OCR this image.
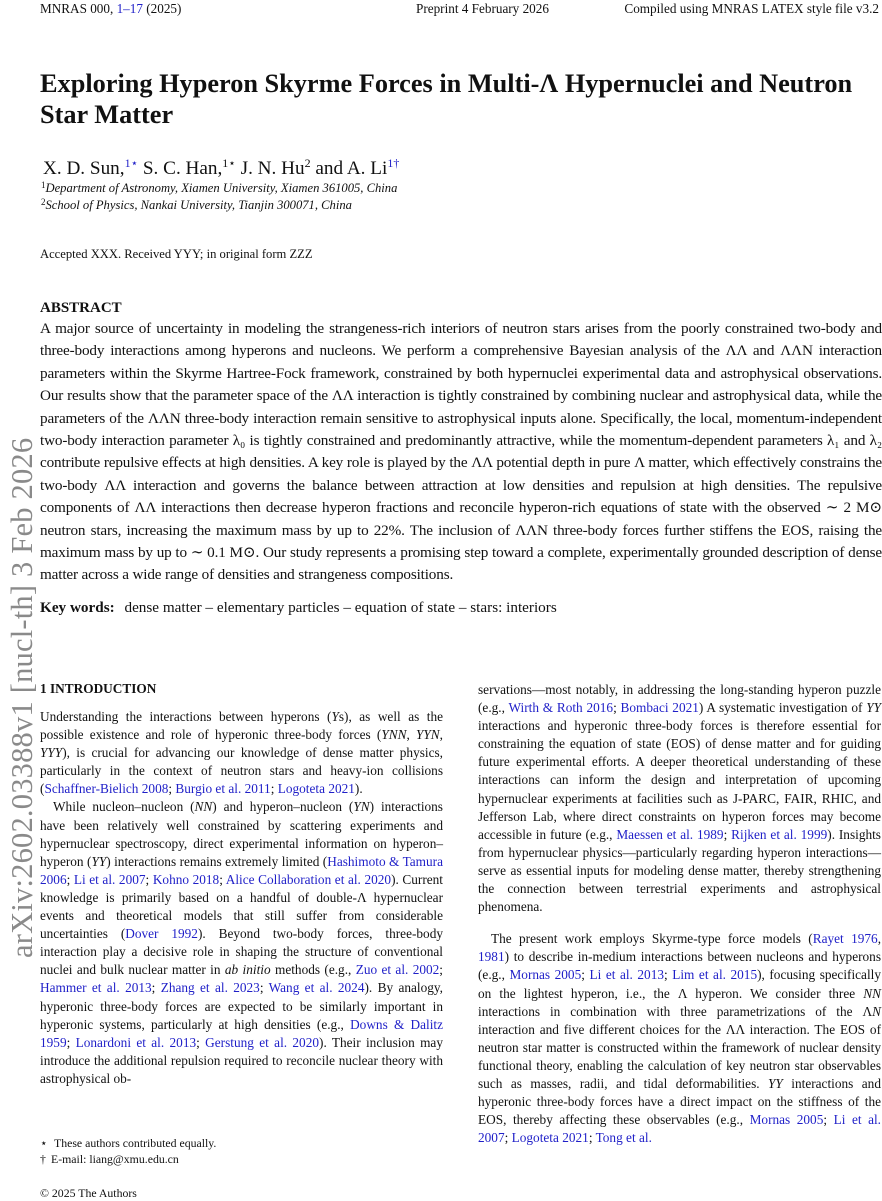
MNRAS 000, 1–17 (2025)	Preprint 4 February 2026	Compiled using MNRAS LATEX style file v3.2
arXiv:2602.03388v1 [nucl-th] 3 Feb 2026
Exploring Hyperon Skyrme Forces in Multi-Λ Hypernuclei and Neutron Star Matter
X. D. Sun,$^{1⋆}$ S. C. Han,$^{1⋆}$ J. N. Hu$^2$ and A. $Li^{1\dagger}$
$^1$Department of Astronomy, Xiamen University, Xiamen 361005, China
$^2$School of Physics, Nankai University, Tianjin 300071, China
Accepted XXX. Received YYY; in original form ZZZ
ABSTRACT
A major source of uncertainty in modeling the strangeness-rich interiors of neutron stars arises from the poorly constrained two-body and three-body interactions among hyperons and nucleons. We perform a comprehensive Bayesian analysis of the ΛΛ and ΛΛN interaction parameters within the Skyrme Hartree-Fock framework, constrained by both hypernuclei experimental data and astrophysical observations. Our results show that the parameter space of the ΛΛ interaction is tightly constrained by combining nuclear and astrophysical data, while the parameters of the ΛΛN three-body interaction remain sensitive to astrophysical inputs alone. Specifically, the local, momentum-independent two-body interaction parameter λ₀ is tightly constrained and predominantly attractive, while the momentum-dependent parameters λ₁ and λ₂ contribute repulsive effects at high densities. A key role is played by the ΛΛ potential depth in pure Λ matter, which effectively constrains the two-body ΛΛ interaction and governs the balance between attraction at low densities and repulsion at high densities. The repulsive components of ΛΛ interactions then decrease hyperon fractions and reconcile hyperon-rich equations of state with the observed ∼ 2 M⊙ neutron stars, increasing the maximum mass by up to 22%. The inclusion of ΛΛN three-body forces further stiffens the EOS, raising the maximum mass by up to ∼ 0.1 M⊙. Our study represents a promising step toward a complete, experimentally grounded description of dense matter across a wide range of densities and strangeness compositions.
Key words: dense matter – elementary particles – equation of state – stars: interiors
1 INTRODUCTION

Understanding the interactions between hyperons (Ys), as well as the possible existence and role of hyperonic three-body forces (YNN, YYN, YYY), is crucial for advancing our knowledge of dense matter physics, particularly in the context of neutron stars and heavy-ion collisions (Schaffner-Bielich 2008; Burgio et al. 2011; Logoteta 2021).

While nucleon–nucleon (NN) and hyperon–nucleon (YN) interactions have been relatively well constrained by scattering experiments and hypernuclear spectroscopy, direct experimental information on hyperon–hyperon (YY) interactions remains extremely limited (Hashimoto & Tamura 2006; Li et al. 2007; Kohno 2018; Alice Collaboration et al. 2020). Current knowledge is primarily based on a handful of double-Λ hypernuclear events and theoretical models that still suffer from considerable uncertainties (Dover 1992). Beyond two-body forces, three-body interaction play a decisive role in shaping the structure of conventional nuclei and bulk nuclear matter in ab initio methods (e.g., Zuo et al. 2002; Hammer et al. 2013; Zhang et al. 2023; Wang et al. 2024). By analogy, hyperonic three-body forces are expected to be similarly important in hyperonic systems, particularly at high densities (e.g., Downs & Dalitz 1959; Lonardoni et al. 2013; Gerstung et al. 2020). Their inclusion may introduce the additional repulsion required to reconcile nuclear theory with astrophysical ob-

servations—most notably, in addressing the long-standing hyperon puzzle (e.g., Wirth & Roth 2016; Bombaci 2021) A systematic investigation of YY interactions and hyperonic three-body forces is therefore essential for constraining the equation of state (EOS) of dense matter and for guiding future experimental efforts. A deeper theoretical understanding of these interactions can inform the design and interpretation of upcoming hypernuclear experiments at facilities such as J-PARC, FAIR, RHIC, and Jefferson Lab, where direct constraints on hyperon forces may become accessible in future (e.g., Maessen et al. 1989; Rijken et al. 1999). Insights from hypernuclear physics—particularly regarding hyperon interactions—serve as essential inputs for modeling dense matter, thereby strengthening the connection between terrestrial experiments and astrophysical phenomena.

The present work employs Skyrme-type force models (Rayet 1976, 1981) to describe in-medium interactions between nucleons and hyperons (e.g., Mornas 2005; Li et al. 2013; Lim et al. 2015), focusing specifically on the lightest hyperon, i.e., the Λ hyperon. We consider three NN interactions in combination with three parametrizations of the ΛN interaction and five different choices for the ΛΛ interaction. The EOS of neutron star matter is constructed within the framework of nuclear density functional theory, enabling the calculation of key neutron star observables such as masses, radii, and tidal deformabilities. YY interactions and hyperonic three-body forces have a direct impact on the stiffness of the EOS, thereby affecting these observables (e.g., Mornas 2005; Li et al. 2007; Logoteta 2021; Tong et al.

⋆ These authors contributed equally.
† E-mail: liang@xmu.edu.cn
© 2025 The Authors
